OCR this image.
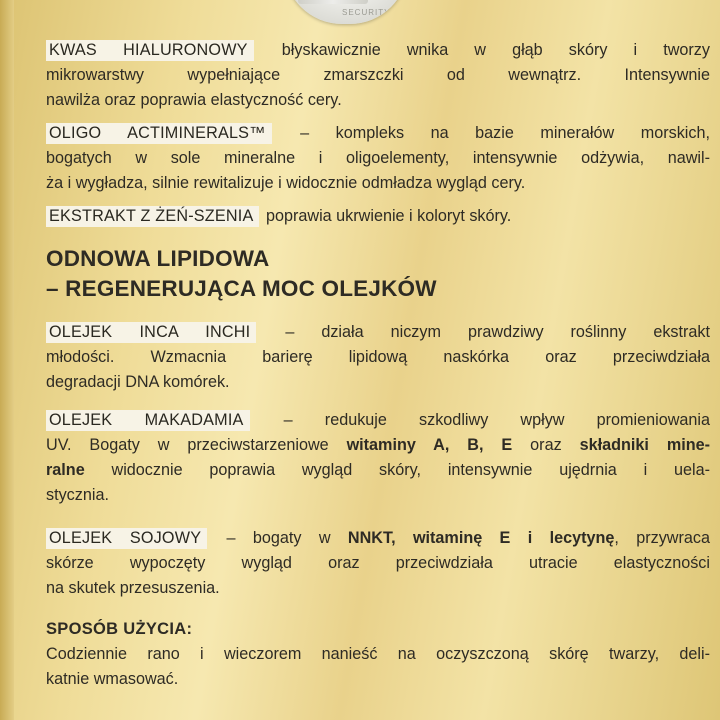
SECURITY
KWAS HIALURONOWY błyskawicznie wnika w głąb skóry i tworzy
mikrowarstwy wypełniające zmarszczki od wewnątrz. Intensywnie
nawilża oraz poprawia elastyczność cery.
OLIGO ACTIMINERALS™ – kompleks na bazie minerałów morskich,
bogatych w sole mineralne i oligoelementy, intensywnie odżywia, nawil-
ża i wygładza, silnie rewitalizuje i widocznie odmładza wygląd cery.
EKSTRAKT Z ŻEŃ-SZENIA poprawia ukrwienie i koloryt skóry.
ODNOWA LIPIDOWA
– REGENERUJĄCA MOC OLEJKÓW
OLEJEK INCA INCHI – działa niczym prawdziwy roślinny ekstrakt
młodości. Wzmacnia barierę lipidową naskórka oraz przeciwdziała
degradacji DNA komórek.
OLEJEK MAKADAMIA – redukuje szkodliwy wpływ promieniowania
UV. Bogaty w przeciwstarzeniowe witaminy A, B, E oraz składniki mine-
ralne widocznie poprawia wygląd skóry, intensywnie ujędrnia i uela-
stycznia.
OLEJEK SOJOWY – bogaty w NNKT, witaminę E i lecytynę, przywraca
skórze wypoczęty wygląd oraz przeciwdziała utracie elastyczności
na skutek przesuszenia.
SPOSÓB UŻYCIA:
Codziennie rano i wieczorem nanieść na oczyszczoną skórę twarzy, deli-
katnie wmasować.
